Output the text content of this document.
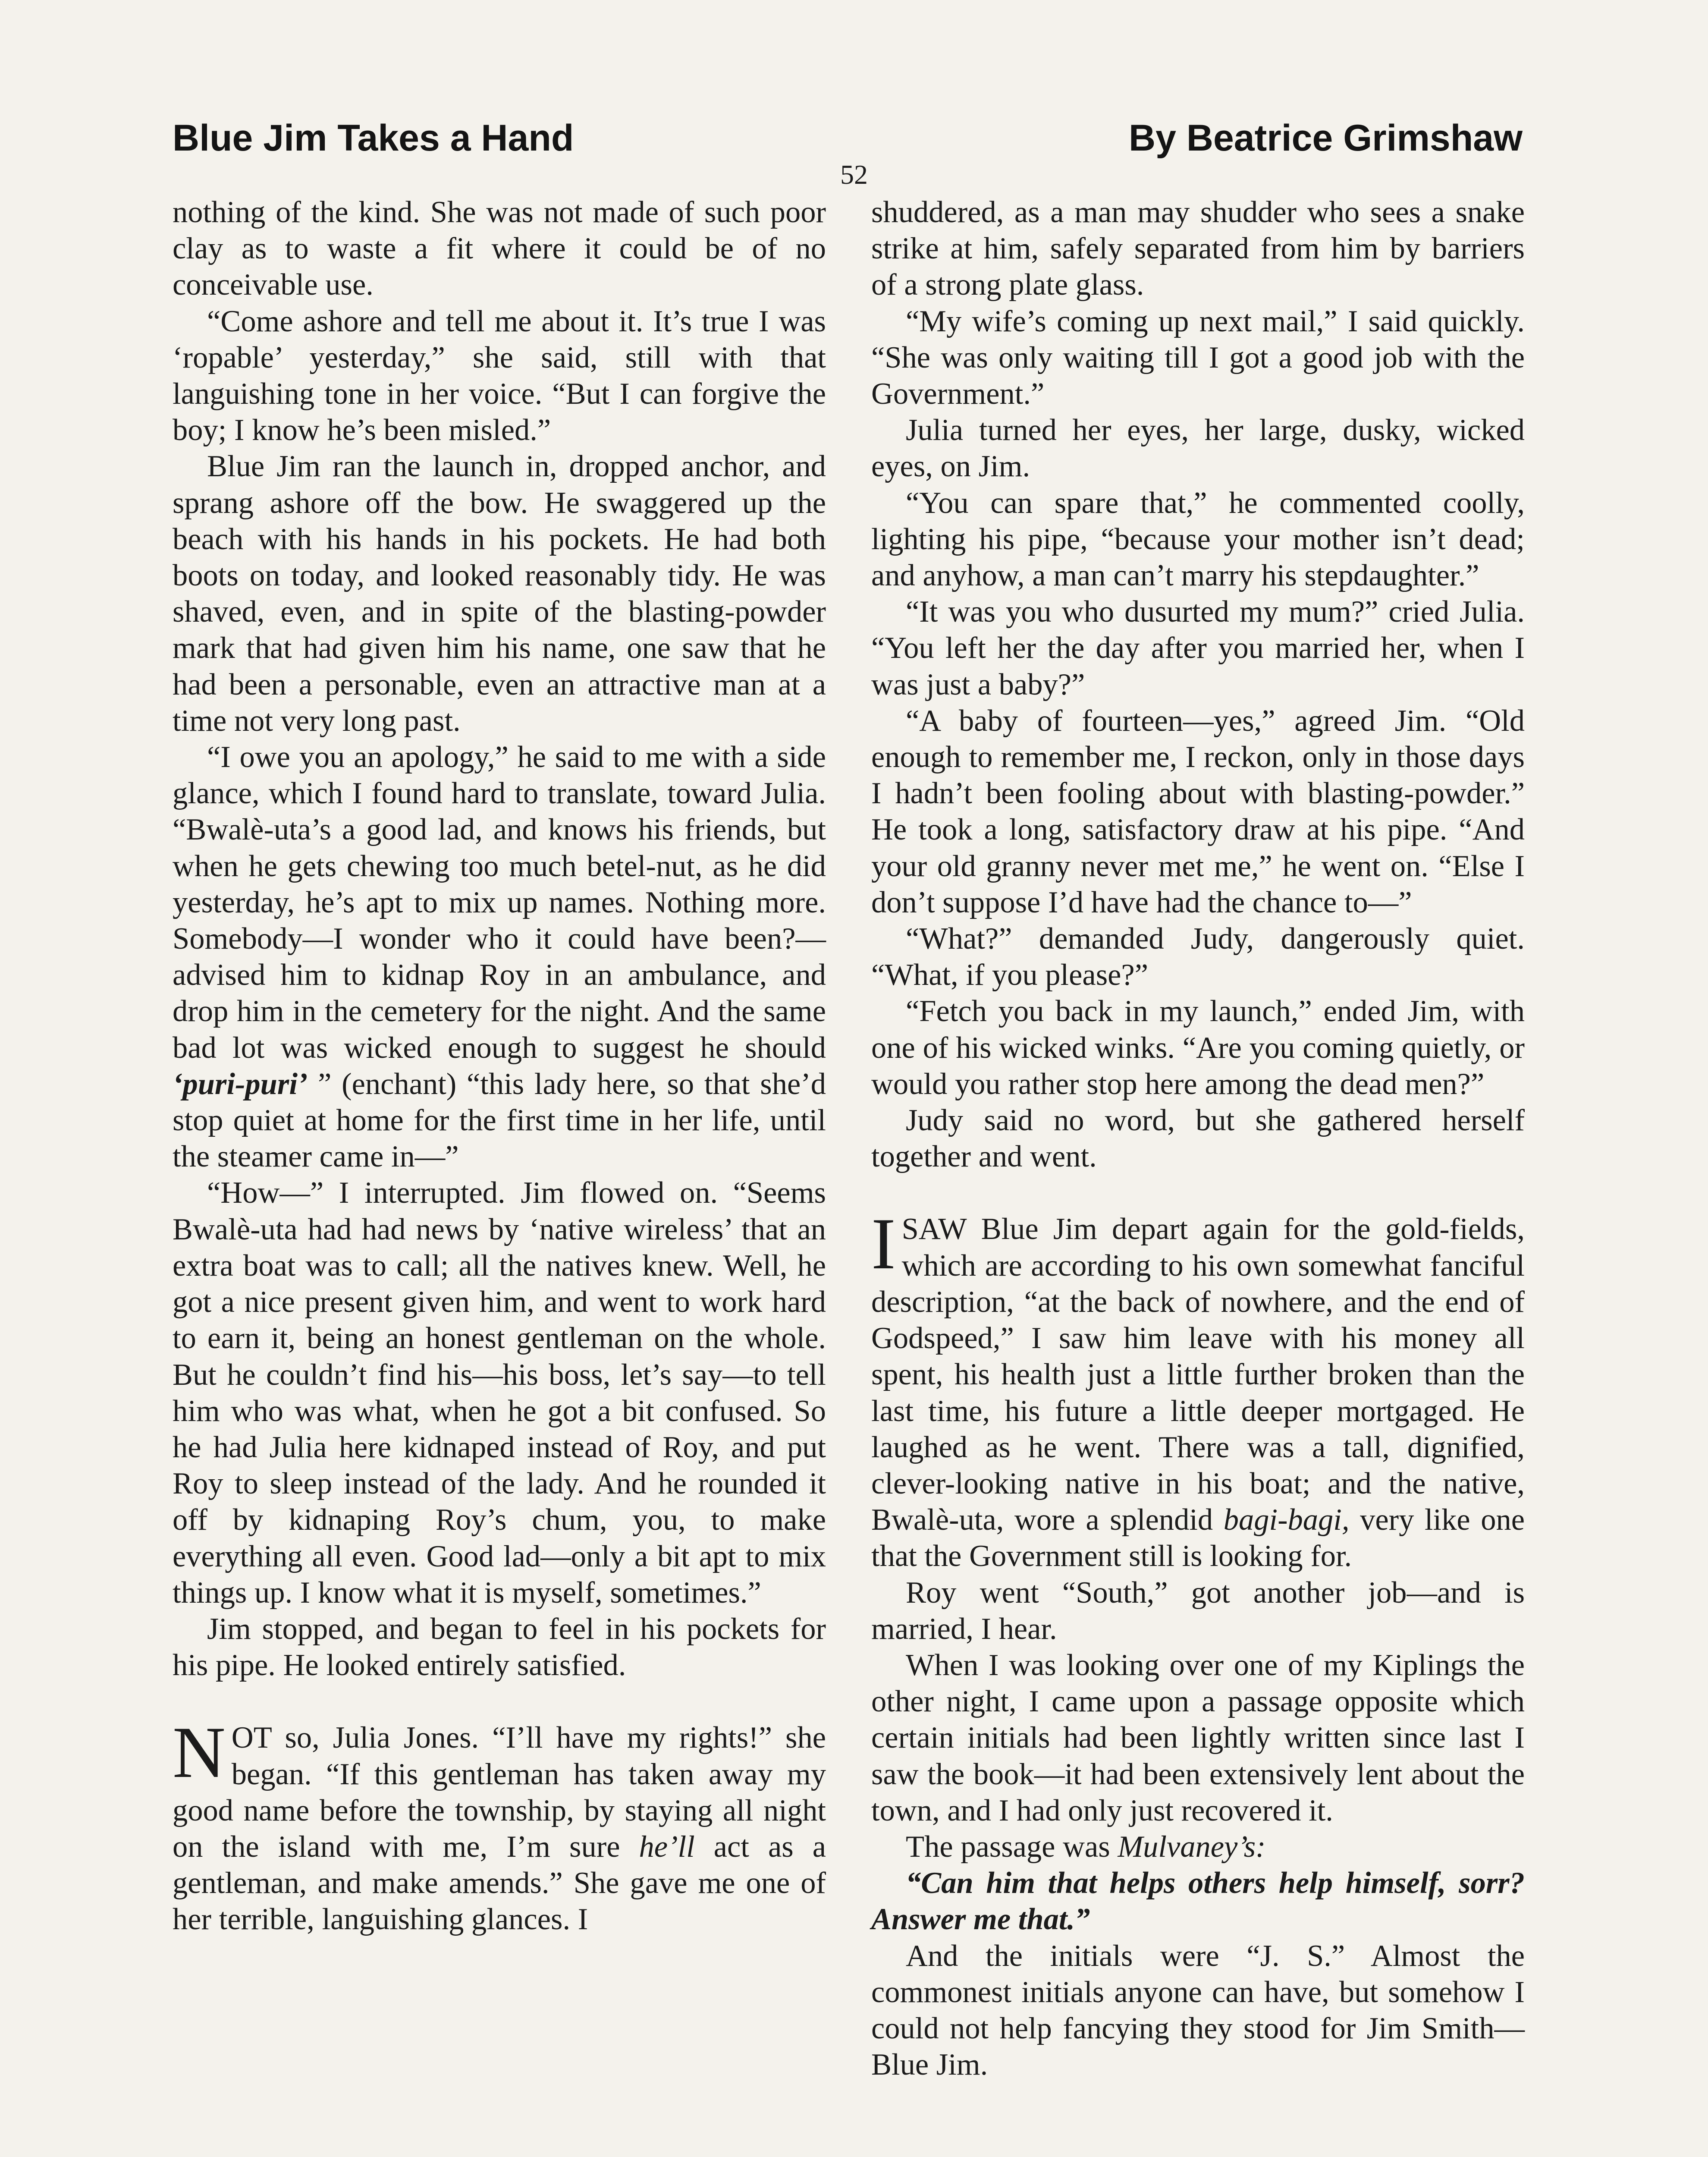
Blue Jim Takes a Hand	By Beatrice Grimshaw
52

nothing of the kind. She was not made of such poor clay as to waste a fit where it could be of no conceivable use.

“Come ashore and tell me about it. It’s true I was ‘ropable’ yesterday,” she said, still with that languishing tone in her voice. “But I can forgive the boy; I know he’s been misled.”

Blue Jim ran the launch in, dropped anchor, and sprang ashore off the bow. He swaggered up the beach with his hands in his pockets. He had both boots on today, and looked reasonably tidy. He was shaved, even, and in spite of the blasting-powder mark that had given him his name, one saw that he had been a personable, even an attractive man at a time not very long past.

“I owe you an apology,” he said to me with a side glance, which I found hard to translate, toward Julia. “Bwalè-uta’s a good lad, and knows his friends, but when he gets chewing too much betel-nut, as he did yesterday, he’s apt to mix up names. Nothing more. Somebody—I wonder who it could have been?—advised him to kidnap Roy in an ambulance, and drop him in the cemetery for the night. And the same bad lot was wicked enough to suggest he should ‘puri-puri’ ” (enchant) “this lady here, so that she’d stop quiet at home for the first time in her life, until the steamer came in—”

“How—” I interrupted. Jim flowed on. “Seems Bwalè-uta had had news by ‘native wireless’ that an extra boat was to call; all the natives knew. Well, he got a nice present given him, and went to work hard to earn it, being an honest gentleman on the whole. But he couldn’t find his—his boss, let’s say—to tell him who was what, when he got a bit confused. So he had Julia here kidnaped instead of Roy, and put Roy to sleep instead of the lady. And he rounded it off by kidnaping Roy’s chum, you, to make everything all even. Good lad—only a bit apt to mix things up. I know what it is myself, sometimes.”

Jim stopped, and began to feel in his pockets for his pipe. He looked entirely satisfied.

NOT so, Julia Jones. “I’ll have my rights!” she began. “If this gentleman has taken away my good name before the township, by staying all night on the island with me, I’m sure he’ll act as a gentleman, and make amends.” She gave me one of her terrible, languishing glances. I

shuddered, as a man may shudder who sees a snake strike at him, safely separated from him by barriers of a strong plate glass.

“My wife’s coming up next mail,” I said quickly. “She was only waiting till I got a good job with the Government.”

Julia turned her eyes, her large, dusky, wicked eyes, on Jim.

“You can spare that,” he commented coolly, lighting his pipe, “because your mother isn’t dead; and anyhow, a man can’t marry his stepdaughter.”

“It was you who dusurted my mum?” cried Julia. “You left her the day after you married her, when I was just a baby?”

“A baby of fourteen—yes,” agreed Jim. “Old enough to remember me, I reckon, only in those days I hadn’t been fooling about with blasting-powder.” He took a long, satisfactory draw at his pipe. “And your old granny never met me,” he went on. “Else I don’t suppose I’d have had the chance to—”

“What?” demanded Judy, dangerously quiet. “What, if you please?”

“Fetch you back in my launch,” ended Jim, with one of his wicked winks. “Are you coming quietly, or would you rather stop here among the dead men?”

Judy said no word, but she gathered herself together and went.

ISAW Blue Jim depart again for the gold-fields, which are according to his own somewhat fanciful description, “at the back of nowhere, and the end of Godspeed,” I saw him leave with his money all spent, his health just a little further broken than the last time, his future a little deeper mortgaged. He laughed as he went. There was a tall, dignified, clever-looking native in his boat; and the native, Bwalè-uta, wore a splendid bagi-bagi, very like one that the Government still is looking for.

Roy went “South,” got another job—and is married, I hear.

When I was looking over one of my Kiplings the other night, I came upon a passage opposite which certain initials had been lightly written since last I saw the book—it had been extensively lent about the town, and I had only just recovered it.

The passage was Mulvaney’s:

“Can him that helps others help himself, sorr? Answer me that.”

And the initials were “J. S.” Almost the commonest initials anyone can have, but somehow I could not help fancying they stood for Jim Smith—Blue Jim.
